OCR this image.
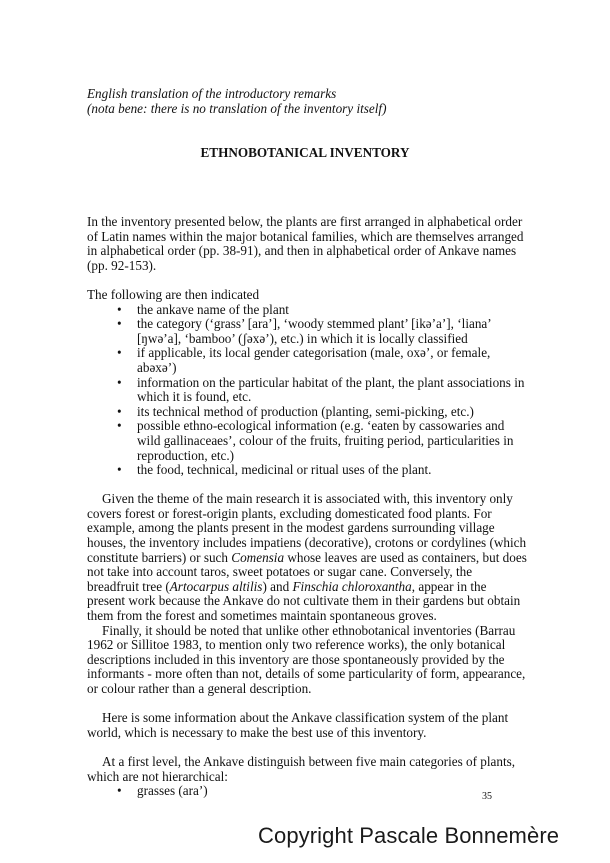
English translation of the introductory remarks

(nota bene: there is no translation of the inventory itself)

ETHNOBOTANICAL INVENTORY

In the inventory presented below, the plants are first arranged in alphabetical order of Latin names within the major botanical families, which are themselves arranged in alphabetical order (pp. 38-91), and then in alphabetical order of Ankave names (pp. 92-153).

The following are then indicated

• the ankave name of the plant
• the category (‘grass’ [ara’], ‘woody stemmed plant’ [ikə’a’], ‘liana’ [ŋwə’a], ‘bamboo’ (ʃəxə’), etc.) in which it is locally classified
• if applicable, its local gender categorisation (male, oxə’, or female, abəxə’)
• information on the particular habitat of the plant, the plant associations in which it is found, etc.
• its technical method of production (planting, semi-picking, etc.)
• possible ethno-ecological information (e.g. ‘eaten by cassowaries and wild gallinaceaes’, colour of the fruits, fruiting period, particularities in reproduction, etc.)
• the food, technical, medicinal or ritual uses of the plant.

Given the theme of the main research it is associated with, this inventory only covers forest or forest-origin plants, excluding domesticated food plants. For example, among the plants present in the modest gardens surrounding village houses, the inventory includes impatiens (decorative), crotons or cordylines (which constitute barriers) or such Comensia whose leaves are used as containers, but does not take into account taros, sweet potatoes or sugar cane. Conversely, the breadfruit tree (Artocarpus altilis) and Finschia chloroxantha, appear in the present work because the Ankave do not cultivate them in their gardens but obtain them from the forest and sometimes maintain spontaneous groves.

Finally, it should be noted that unlike other ethnobotanical inventories (Barrau 1962 or Sillitoe 1983, to mention only two reference works), the only botanical descriptions included in this inventory are those spontaneously provided by the informants - more often than not, details of some particularity of form, appearance, or colour rather than a general description.

Here is some information about the Ankave classification system of the plant world, which is necessary to make the best use of this inventory.

At a first level, the Ankave distinguish between five main categories of plants, which are not hierarchical:

• grasses (ara’)	35
Copyright Pascale Bonnemère
